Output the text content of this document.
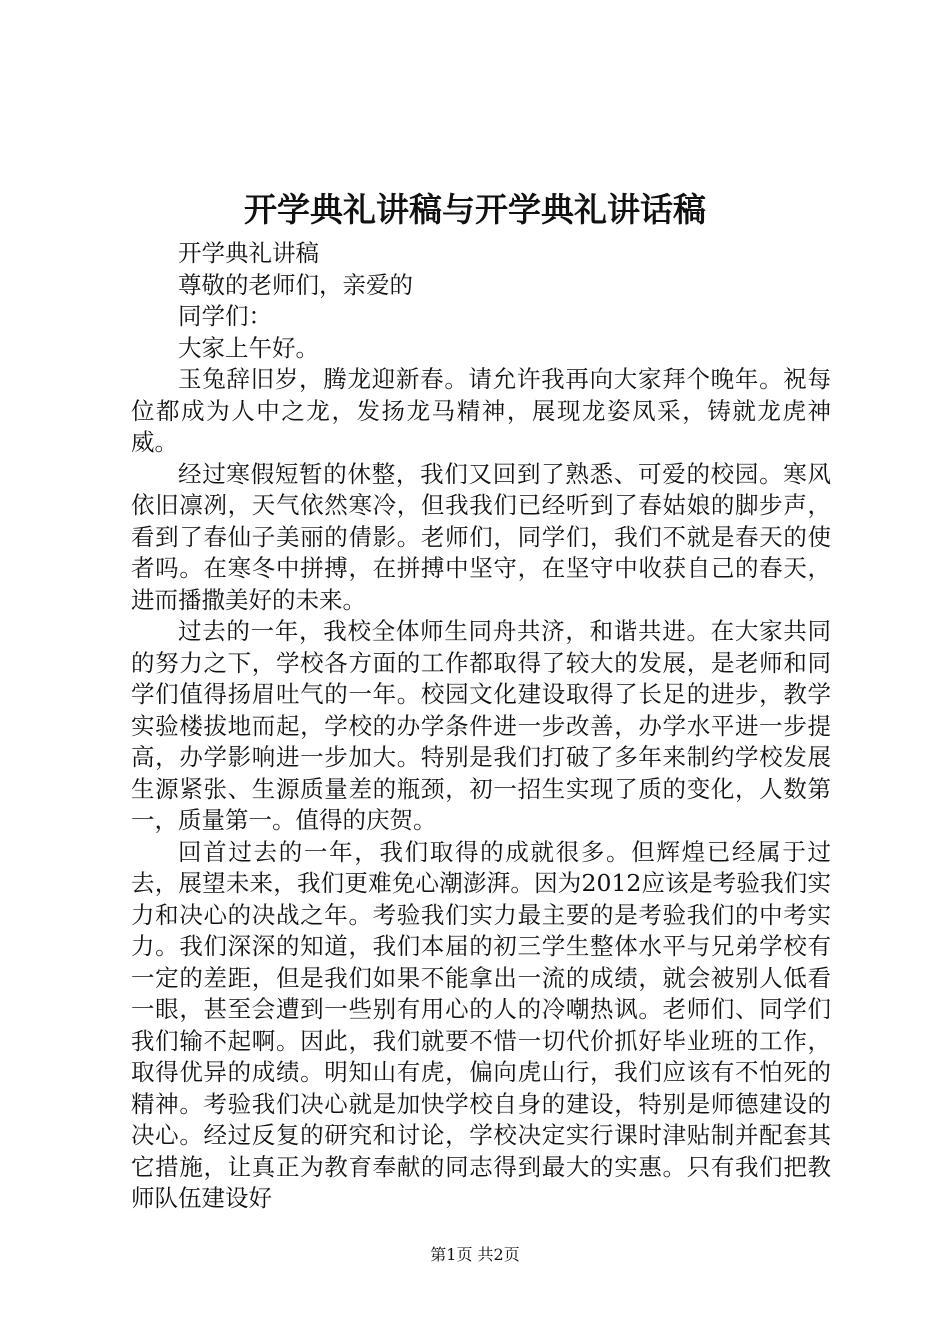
开学典礼讲稿与开学典礼讲话稿

开学典礼讲稿

尊敬的老师们，亲爱的

同学们：

大家上午好。

玉兔辞旧岁，腾龙迎新春。请允许我再向大家拜个晚年。祝每位都成为人中之龙，发扬龙马精神，展现龙姿凤采，铸就龙虎神威。

经过寒假短暂的休整，我们又回到了熟悉、可爱的校园。寒风依旧凛冽，天气依然寒冷，但我我们已经听到了春姑娘的脚步声，看到了春仙子美丽的倩影。老师们，同学们，我们不就是春天的使者吗。在寒冬中拼搏，在拼搏中坚守，在坚守中收获自己的春天，进而播撒美好的未来。

过去的一年，我校全体师生同舟共济，和谐共进。在大家共同的努力之下，学校各方面的工作都取得了较大的发展，是老师和同学们值得扬眉吐气的一年。校园文化建设取得了长足的进步，教学实验楼拔地而起，学校的办学条件进一步改善，办学水平进一步提高，办学影响进一步加大。特别是我们打破了多年来制约学校发展生源紧张、生源质量差的瓶颈，初一招生实现了质的变化，人数第一，质量第一。值得的庆贺。

回首过去的一年，我们取得的成就很多。但辉煌已经属于过去，展望未来，我们更难免心潮澎湃。因为2012应该是考验我们实力和决心的决战之年。考验我们实力最主要的是考验我们的中考实力。我们深深的知道，我们本届的初三学生整体水平与兄弟学校有一定的差距，但是我们如果不能拿出一流的成绩，就会被别人低看一眼，甚至会遭到一些别有用心的人的冷嘲热讽。老师们、同学们我们输不起啊。因此，我们就要不惜一切代价抓好毕业班的工作，取得优异的成绩。明知山有虎，偏向虎山行，我们应该有不怕死的精神。考验我们决心就是加快学校自身的建设，特别是师德建设的决心。经过反复的研究和讨论，学校决定实行课时津贴制并配套其它措施，让真正为教育奉献的同志得到最大的实惠。只有我们把教师队伍建设好

第1页 共2页
